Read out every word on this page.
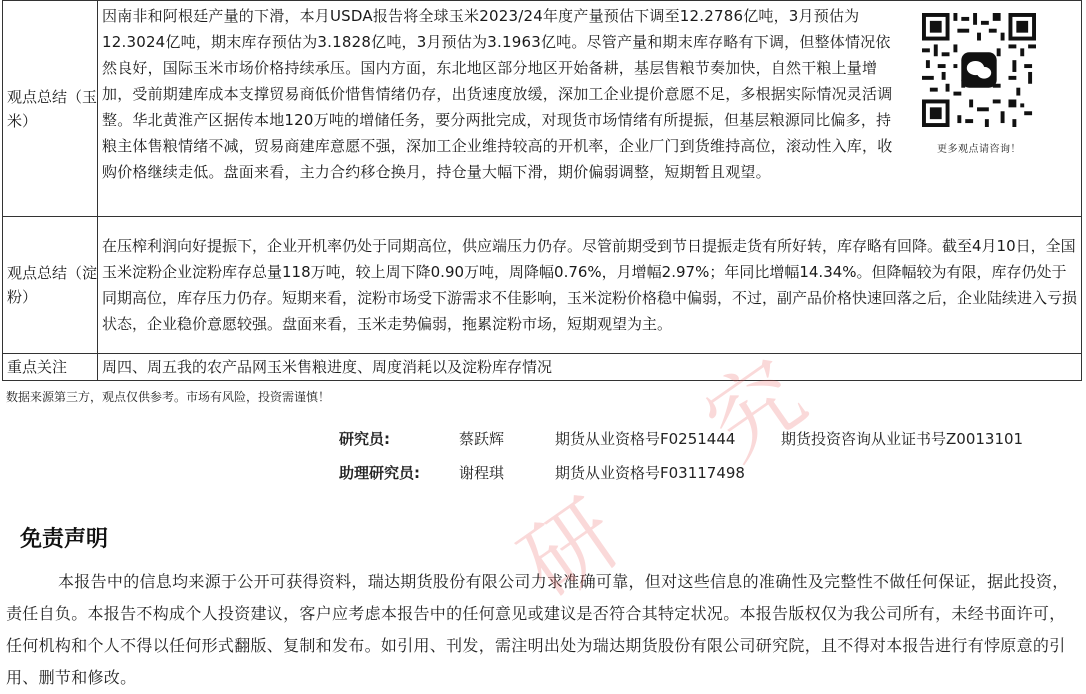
观点总结（玉米）	因南非和阿根廷产量的下滑，本月USDA报告将全球玉米2023/24年度产量预估下调至12.2786亿吨，3月预估为12.3024亿吨，期末库存预估为3.1828亿吨，3月预估为3.1963亿吨。尽管产量和期末库存略有下调，但整体情况依然良好，国际玉米市场价格持续承压。国内方面，东北地区部分地区开始备耕，基层售粮节奏加快，自然干粮上量增加，受前期建库成本支撑贸易商低价惜售情绪仍存，出货速度放缓，深加工企业提价意愿不足，多根据实际情况灵活调整。华北黄淮产区据传本地120万吨的增储任务，要分两批完成，对现货市场情绪有所提振，但基层粮源同比偏多，持粮主体售粮情绪不减，贸易商建库意愿不强，深加工企业维持较高的开机率，企业厂门到货维持高位，滚动性入库，收购价格继续走低。盘面来看，主力合约移仓换月，持仓量大幅下滑，期价偏弱调整，短期暂且观望。
更多观点请咨询！

观点总结（淀粉）	在压榨利润向好提振下，企业开机率仍处于同期高位，供应端压力仍存。尽管前期受到节日提振走货有所好转，库存略有回降。截至4月10日，全国玉米淀粉企业淀粉库存总量118万吨，较上周下降0.90万吨，周降幅0.76%，月增幅2.97%；年同比增幅14.34%。但降幅较为有限，库存仍处于同期高位，库存压力仍存。短期来看，淀粉市场受下游需求不佳影响，玉米淀粉价格稳中偏弱，不过，副产品价格快速回落之后，企业陆续进入亏损状态，企业稳价意愿较强。盘面来看，玉米走势偏弱，拖累淀粉市场，短期观望为主。
重点关注	周四、周五我的农产品网玉米售粮进度、周度消耗以及淀粉库存情况
数据来源第三方，观点仅供参考。市场有风险，投资需谨慎！
研究员:	蔡跃辉	期货从业资格号F0251444	期货投资咨询从业证书号Z0013101
助理研究员:	谢程琪	期货从业资格号F03117498
免责声明
本报告中的信息均来源于公开可获得资料，瑞达期货股份有限公司力求准确可靠，但对这些信息的准确性及完整性不做任何保证，据此投资，责任自负。本报告不构成个人投资建议，客户应考虑本报告中的任何意见或建议是否符合其特定状况。本报告版权仅为我公司所有，未经书面许可，任何机构和个人不得以任何形式翻版、复制和发布。如引用、刊发，需注明出处为瑞达期货股份有限公司研究院，且不得对本报告进行有悖原意的引用、删节和修改。
研
究
